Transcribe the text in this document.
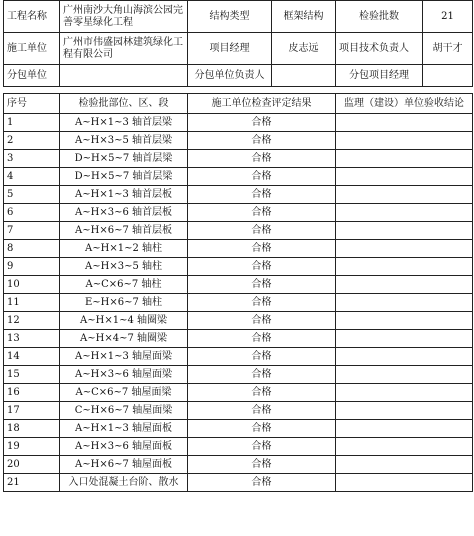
工程名称	广州南沙大角山海滨公园完善零星绿化工程	结构类型	框架结构	检验批数	21
施工单位	广州市伟盛园林建筑绿化工程有限公司	项目经理	皮志远	项目技术负责人	胡干才
分包单位		分包单位负责人		分包项目经理	
序号	检验批部位、区、段	施工单位检查评定结果	监理（建设）单位验收结论
1	A~H×1~3 轴首层梁	合格	
2	A~H×3~5 轴首层梁	合格	
3	D~H×5~7 轴首层梁	合格	
4	D~H×5~7 轴首层梁	合格	
5	A~H×1~3 轴首层板	合格	
6	A~H×3~6 轴首层板	合格	
7	A~H×6~7 轴首层板	合格	
8	A~H×1~2 轴柱	合格	
9	A~H×3~5 轴柱	合格	
10	A~C×6~7 轴柱	合格	
11	E~H×6~7 轴柱	合格	
12	A~H×1~4 轴圈梁	合格	
13	A~H×4~7 轴圈梁	合格	
14	A~H×1~3 轴屋面梁	合格	
15	A~H×3~6 轴屋面梁	合格	
16	A~C×6~7 轴屋面梁	合格	
17	C~H×6~7 轴屋面梁	合格	
18	A~H×1~3 轴屋面板	合格	
19	A~H×3~6 轴屋面板	合格	
20	A~H×6~7 轴屋面板	合格	
21	入口处混凝土台阶、散水	合格	
